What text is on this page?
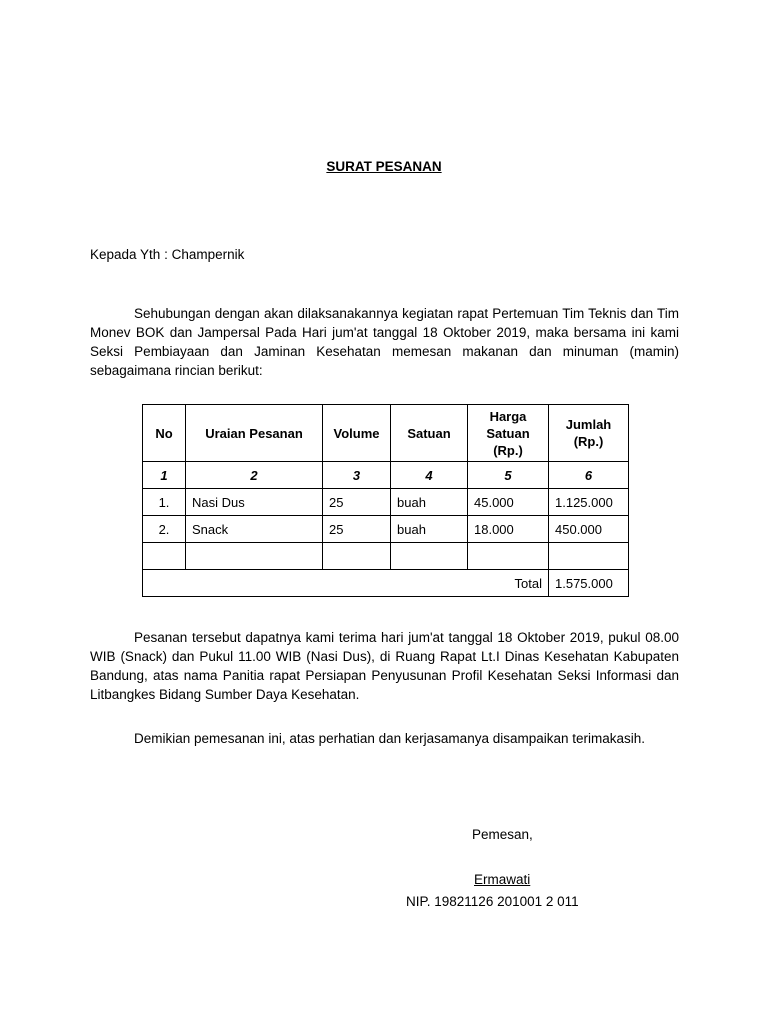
SURAT PESANAN
Kepada Yth : Champernik

Sehubungan dengan akan dilaksanakannya kegiatan rapat Pertemuan Tim Teknis dan Tim Monev BOK dan Jampersal Pada Hari jum'at tanggal 18 Oktober 2019, maka bersama ini kami Seksi Pembiayaan dan Jaminan Kesehatan memesan makanan dan minuman (mamin) sebagaimana rincian berikut:

No	Uraian Pesanan	Volume	Satuan	Harga Satuan (Rp.)	Jumlah (Rp.)
1	2	3	4	5	6
1.	Nasi Dus	25	buah	45.000	1.125.000
2.	Snack	25	buah	18.000	450.000

Total					1.575.000

Pesanan tersebut dapatnya kami terima hari jum'at tanggal 18 Oktober 2019, pukul 08.00 WIB (Snack) dan Pukul 11.00 WIB (Nasi Dus), di Ruang Rapat Lt.I Dinas Kesehatan Kabupaten Bandung, atas nama Panitia rapat Persiapan Penyusunan Profil Kesehatan Seksi Informasi dan Litbangkes Bidang Sumber Daya Kesehatan.

Demikian pemesanan ini, atas perhatian dan kerjasamanya disampaikan terimakasih.

Pemesan,
Ermawati
NIP. 19821126 201001 2 011
